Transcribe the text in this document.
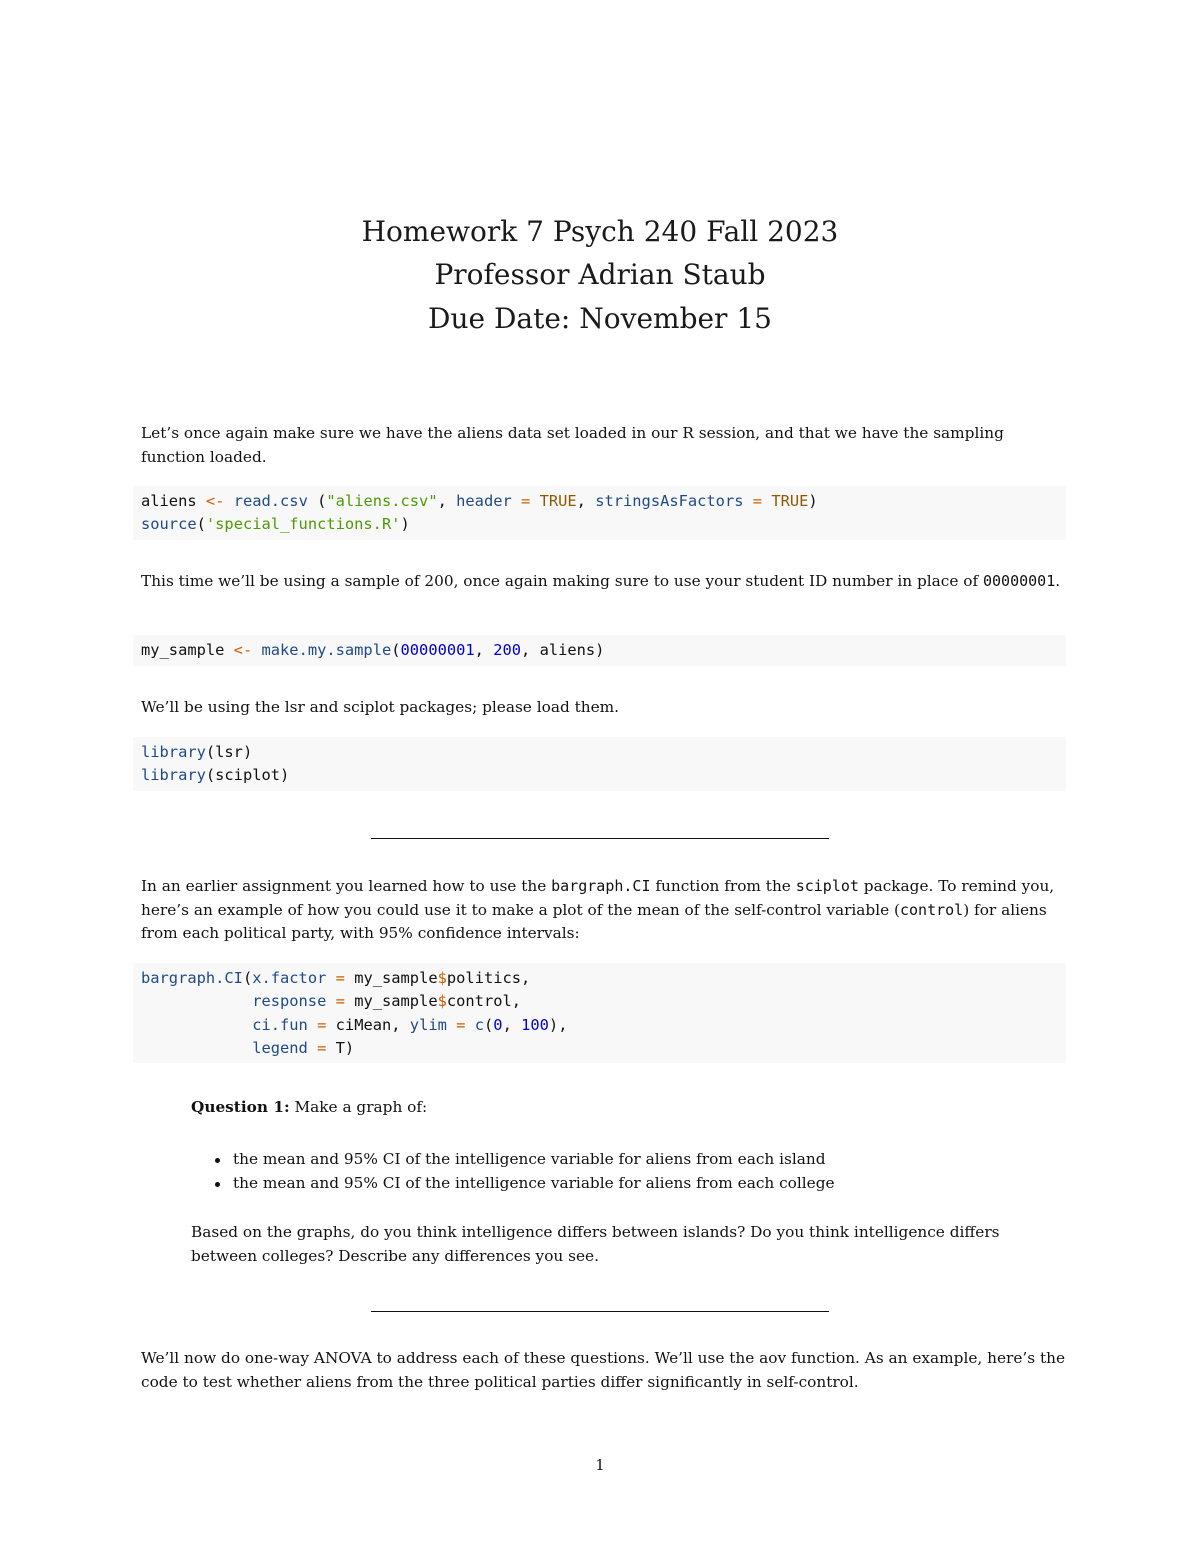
Homework 7 Psych 240 Fall 2023
Professor Adrian Staub
Due Date: November 15

Let’s once again make sure we have the aliens data set loaded in our R session, and that we have the sampling function loaded.

aliens <- read.csv ("aliens.csv", header = TRUE, stringsAsFactors = TRUE)
source('special_functions.R')

This time we’ll be using a sample of 200, once again making sure to use your student ID number in place of 00000001.

my_sample <- make.my.sample(00000001, 200, aliens)

We’ll be using the lsr and sciplot packages; please load them.

library(lsr)
library(sciplot)

In an earlier assignment you learned how to use the bargraph.CI function from the sciplot package. To remind you, here’s an example of how you could use it to make a plot of the mean of the self-control variable (control) for aliens from each political party, with 95% confidence intervals:

bargraph.CI(x.factor = my_sample$politics,
response = my_sample$control,
ci.fun = ciMean, ylim = c(0, 100),
legend = T)

Question 1: Make a graph of:

the mean and 95% CI of the intelligence variable for aliens from each island
the mean and 95% CI of the intelligence variable for aliens from each college

Based on the graphs, do you think intelligence differs between islands? Do you think intelligence differs between colleges? Describe any differences you see.

We’ll now do one-way ANOVA to address each of these questions. We’ll use the aov function. As an example, here’s the code to test whether aliens from the three political parties differ significantly in self-control.

1
